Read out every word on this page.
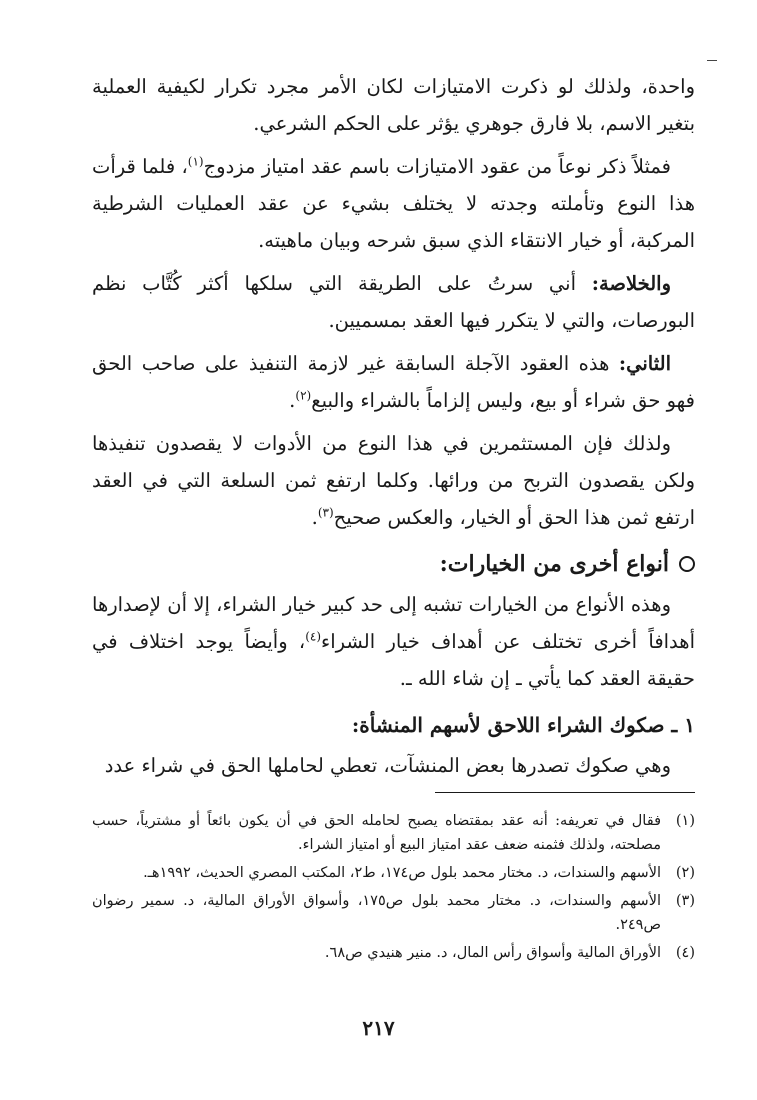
واحدة، ولذلك لو ذكرت الامتيازات لكان الأمر مجرد تكرار لكيفية العملية بتغير الاسم، بلا فارق جوهري يؤثر على الحكم الشرعي.

فمثلاً ذكر نوعاً من عقود الامتيازات باسم عقد امتياز مزدوج$^{(١)}$، فلما قرأت هذا النوع وتأملته وجدته لا يختلف بشيء عن عقد العمليات الشرطية المركبة، أو خيار الانتقاء الذي سبق شرحه وبيان ماهيته.

والخلاصة: أني سرتُ على الطريقة التي سلكها أكثر كُتَّاب نظم البورصات، والتي لا يتكرر فيها العقد بمسميين.

الثاني: هذه العقود الآجلة السابقة غير لازمة التنفيذ على صاحب الحق فهو حق شراء أو بيع، وليس إلزاماً بالشراء والبيع$^{(٢)}$.

ولذلك فإن المستثمرين في هذا النوع من الأدوات لا يقصدون تنفيذها ولكن يقصدون التربح من ورائها. وكلما ارتفع ثمن السلعة التي في العقد ارتفع ثمن هذا الحق أو الخيار، والعكس صحيح$^{(٣)}$.

أنواع أخرى من الخيارات:

وهذه الأنواع من الخيارات تشبه إلى حد كبير خيار الشراء، إلا أن لإصدارها أهدافاً أخرى تختلف عن أهداف خيار الشراء$^{(٤)}$، وأيضاً يوجد اختلاف في حقيقة العقد كما يأتي ـ إن شاء الله ـ.

١ ـ صكوك الشراء اللاحق لأسهم المنشأة:

وهي صكوك تصدرها بعض المنشآت، تعطي لحاملها الحق في شراء عدد

(١)
فقال في تعريفه: أنه عقد بمقتضاه يصبح لحامله الحق في أن يكون بائعاً أو مشترياً، حسب مصلحته، ولذلك فثمنه ضعف عقد امتياز البيع أو امتياز الشراء.
(٢)
الأسهم والسندات، د. مختار محمد بلول ص١٧٤، ط٢، المكتب المصري الحديث، ١٩٩٢هـ.
(٣)
الأسهم والسندات، د. مختار محمد بلول ص١٧٥، وأسواق الأوراق المالية، د. سمير رضوان ص٢٤٩.
(٤)
الأوراق المالية وأسواق رأس المال، د. منير هنيدي ص٦٨.
٢١٧
